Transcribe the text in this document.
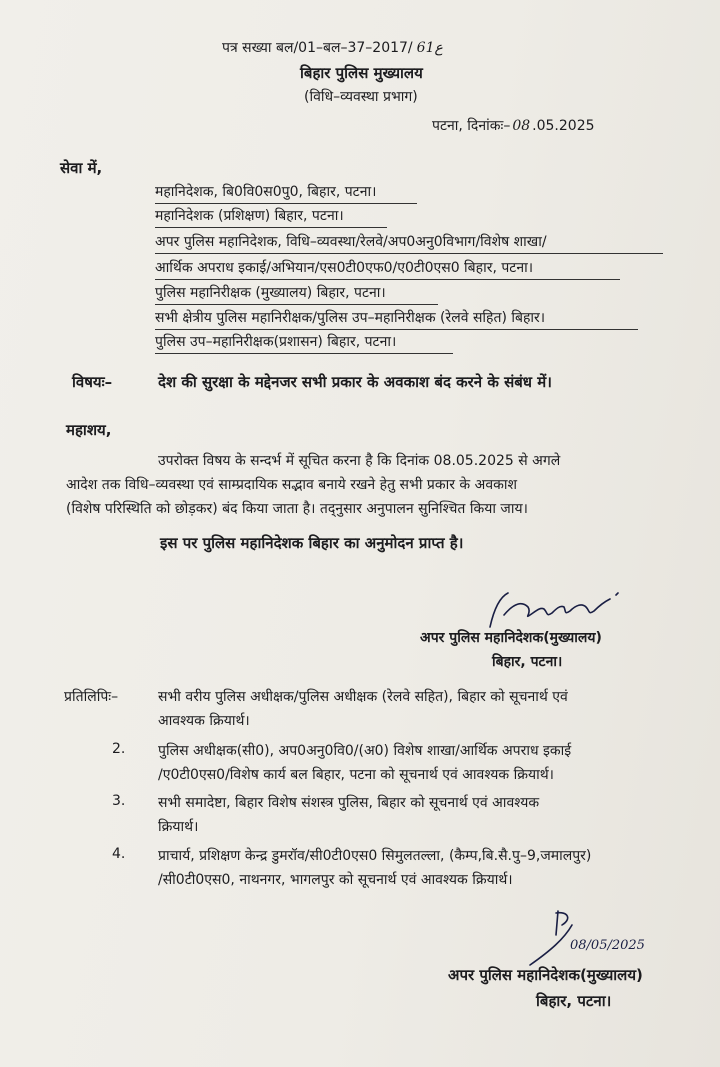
पत्र सख्या बल/01–बल–37–2017/ ع61
बिहार पुलिस मुख्यालय
(विधि–व्यवस्था प्रभाग)
पटना, दिनांकः– 08 .05.2025
सेवा में,
महानिदेशक, बि0वि0स0पु0, बिहार, पटना।
महानिदेशक (प्रशिक्षण) बिहार, पटना।
अपर पुलिस महानिदेशक, विधि–व्यवस्था/रेलवे/अप0अनु0विभाग/विशेष शाखा/
आर्थिक अपराध इकाई/अभियान/एस0टी0एफ0/ए0टी0एस0 बिहार, पटना।
पुलिस महानिरीक्षक (मुख्यालय) बिहार, पटना।
सभी क्षेत्रीय पुलिस महानिरीक्षक/पुलिस उप–महानिरीक्षक (रेलवे सहित) बिहार।
पुलिस उप–महानिरीक्षक(प्रशासन) बिहार, पटना।
विषयः–	देश की सुरक्षा के मद्देनजर सभी प्रकार के अवकाश बंद करने के संबंध में।
महाशय,
उपरोक्त विषय के सन्दर्भ में सूचित करना है कि दिनांक 08.05.2025 से अगले
आदेश तक विधि–व्यवस्था एवं साम्प्रदायिक सद्भाव बनाये रखने हेतु सभी प्रकार के अवकाश
(विशेष परिस्थिति को छोड़कर) बंद किया जाता है। तद्नुसार अनुपालन सुनिश्चित किया जाय।
इस पर पुलिस महानिदेशक बिहार का अनुमोदन प्राप्त है।
अपर पुलिस महानिदेशक(मुख्यालय)
बिहार, पटना।
प्रतिलिपिः–	सभी वरीय पुलिस अधीक्षक/पुलिस अधीक्षक (रेलवे सहित), बिहार को सूचनार्थ एवं
आवश्यक क्रियार्थ।
2. पुलिस अधीक्षक(सी0), अप0अनु0वि0/(अ0) विशेष शाखा/आर्थिक अपराध इकाई
/ए0टी0एस0/विशेष कार्य बल बिहार, पटना को सूचनार्थ एवं आवश्यक क्रियार्थ।
3. सभी समादेष्टा, बिहार विशेष संशस्त्र पुलिस, बिहार को सूचनार्थ एवं आवश्यक
क्रियार्थ।
4. प्राचार्य, प्रशिक्षण केन्द्र डुमरॉव/सी0टी0एस0 सिमुलतल्ला, (कैम्प,बि.सै.पु–9,जमालपुर)
/सी0टी0एस0, नाथनगर, भागलपुर को सूचनार्थ एवं आवश्यक क्रियार्थ।
08/05/2025
अपर पुलिस महानिदेशक(मुख्यालय)
बिहार, पटना।
